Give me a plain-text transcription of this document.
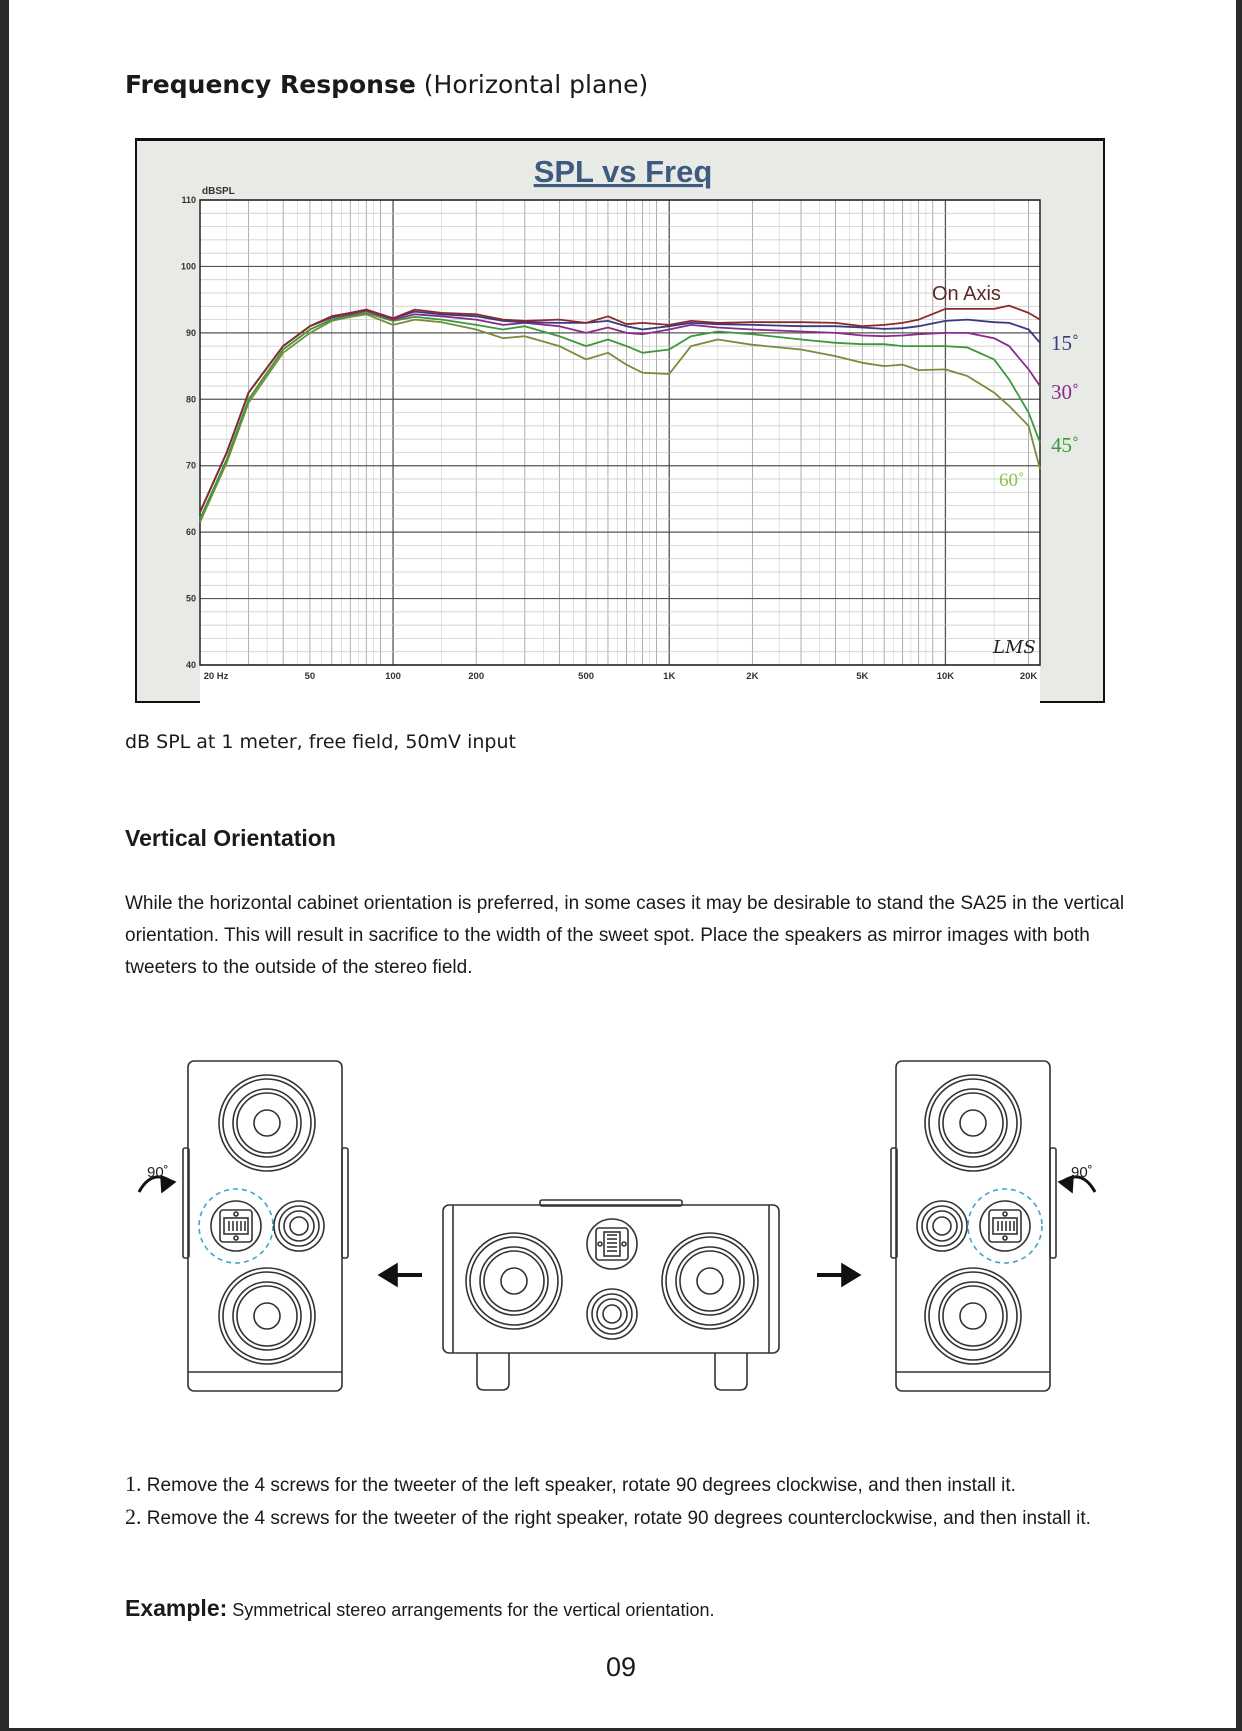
Frequency Response (Horizontal plane)
SPL vs Freq
dBSPL
110
100
90
80
70
60
50
40
20 Hz	50	100	200	500	1K	2K	5K	10K	20K
On Axis
15˚
30˚
45˚
60˚
LMS
dB SPL at 1 meter, free field, 50mV input
Vertical Orientation
While the horizontal cabinet orientation is preferred, in some cases it may be desirable to stand the SA25 in the vertical orientation. This will result in sacrifice to the width of the sweet spot. Place the speakers as mirror images with both tweeters to the outside of the stereo field.
90˚	90˚
1. Remove the 4 screws for the tweeter of the left speaker, rotate 90 degrees clockwise, and then install it.
2. Remove the 4 screws for the tweeter of the right speaker, rotate 90 degrees counterclockwise, and then install it.
Example: Symmetrical stereo arrangements for the vertical orientation.
09
